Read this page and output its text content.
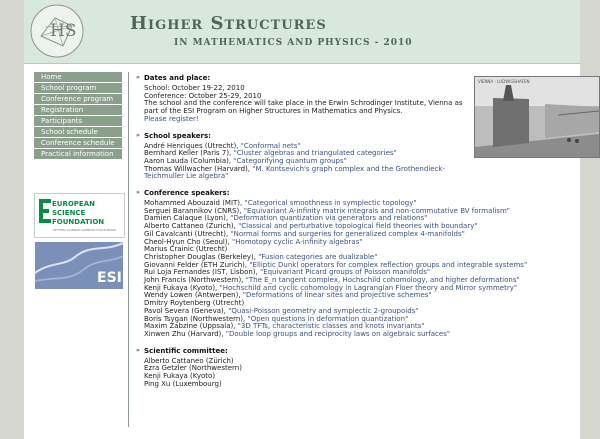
HS	Higher Structures
IN MATHEMATICS AND PHYSICS - 2010
Home
School program
Conference program
Registration
Participants
School schedule
Conference schedule
Practical information
EUROPEAN
SCIENCE
FOUNDATION
SETTING SCIENCE AGENDAS FOR EUROPE
ESI
VIENNA - LUDWIGSHAFEN
» Dates and place:
School: October 19-22, 2010
Conference: October 25-29, 2010
The school and the conference will take place in the Erwin Schrodinger Institute, Vienna as
part of the ESI Program on Higher Structures in Mathematics and Physics.
Please register!
» School speakers:
André Henriques (Utrecht), "Conformal nets"
Bernhard Keller (Paris 7), "Cluster algebras and triangulated categories"
Aaron Lauda (Columbia), "Categorifying quantum groups"
Thomas Willwacher (Harvard), "M. Kontsevich's graph complex and the Grothendieck-
Teichmuller Lie algebra"
» Conference speakers:
Mohammed Abouzaid (MIT), "Categorical smoothness in symplectic topology"
Serguei Barannikov (CNRS), "Equivariant A-infinity matrix integrals and non-commutative BV formalism"
Damien Calaque (Lyon), "Deformation quantization via generators and relations"
Alberto Cattaneo (Zurich), "Classical and perturbative topological field theories with boundary"
Gil Cavalcanti (Utrecht), "Normal forms and surgeries for generalized complex 4-manifolds"
Cheol-Hyun Cho (Seoul), "Homotopy cyclic A-infinity algebras"
Marius Crainic (Utrecht)
Christopher Douglas (Berkeley), "Fusion categories are dualizable"
Giovanni Felder (ETH Zurich), "Elliptic Dunkl operators for complex reflection groups and integrable systems"
Rui Loja Fernandes (IST, Lisbon), "Equivariant Picard groups of Poisson manifolds"
John Francis (Northwestern), "The E_n tangent complex, Hochschild cohomology, and higher deformations"
Kenji Fukaya (Kyoto), "Hochschild and cyclic cohomology in Lagrangian Floer theory and Mirror symmetry"
Wendy Lowen (Antwerpen), "Deformations of linear sites and projective schemes"
Dmitry Roytenberg (Utrecht)
Pavol Severa (Geneva), "Quasi-Poisson geometry and symplectic 2-groupoids"
Boris Tsygan (Northwestern), "Open questions in deformation quantization"
Maxim Zabzine (Uppsala), "3D TFTs, characteristic classes and knots invariants"
Xinwen Zhu (Harvard), "Double loop groups and reciprocity laws on algebraic surfaces"
» Scientific committee:
Alberto Cattaneo (Zürich)
Ezra Getzler (Northwestern)
Kenji Fukaya (Kyoto)
Ping Xu (Luxembourg)
